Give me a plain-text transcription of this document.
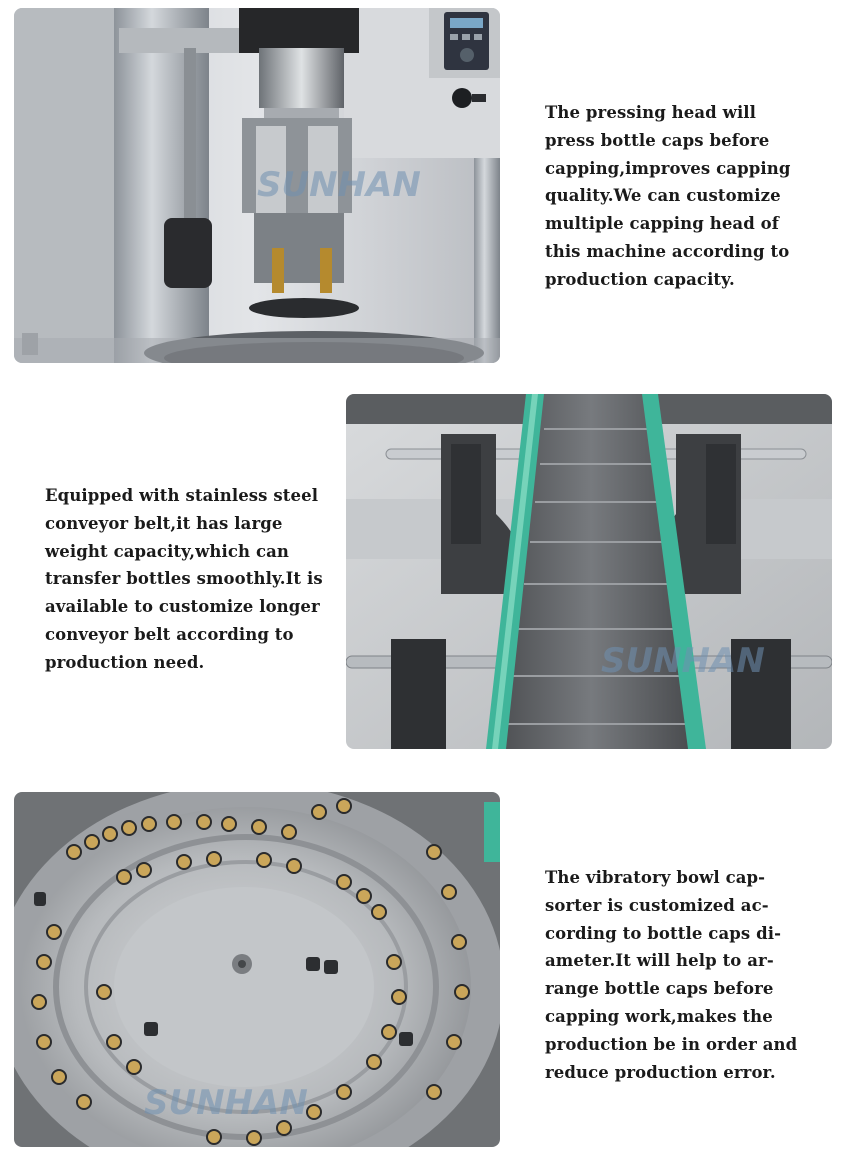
SUNHAN

The pressing head will
press bottle caps before
capping,improves capping
quality.We can customize
multiple capping head of
this machine according to
production capacity.

Equipped with stainless steel
conveyor belt,it has large
weight capacity,which can
transfer bottles smoothly.It is
available to customize longer
conveyor belt according to
production need.	SUNHAN
SUNHAN

The vibratory bowl cap-
sorter is customized ac-
cording to bottle caps di-
ameter.It will help to ar-
range bottle caps before
capping work,makes the
production be in order and
reduce production error.
